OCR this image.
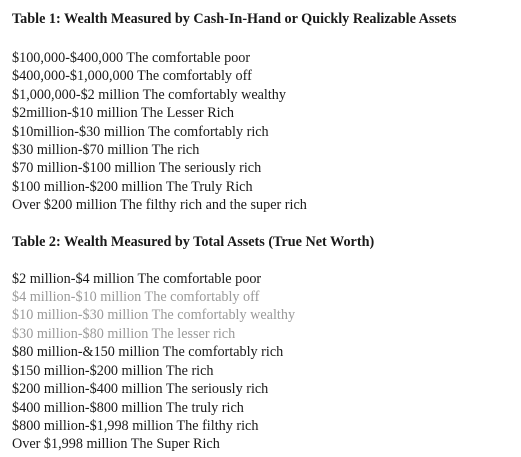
Table 1: Wealth Measured by Cash-In-Hand or Quickly Realizable Assets
$100,000-$400,000 The comfortable poor
$400,000-$1,000,000 The comfortably off
$1,000,000-$2 million The comfortably wealthy
$2million-$10 million The Lesser Rich
$10million-$30 million The comfortably rich
$30 million-$70 million The rich
$70 million-$100 million The seriously rich
$100 million-$200 million The Truly Rich
Over $200 million The filthy rich and the super rich
Table 2: Wealth Measured by Total Assets (True Net Worth)
$2 million-$4 million The comfortable poor
$4 million-$10 million The comfortably off
$10 million-$30 million The comfortably wealthy
$30 million-$80 million The lesser rich
$80 million-&150 million The comfortably rich
$150 million-$200 million The rich
$200 million-$400 million The seriously rich
$400 million-$800 million The truly rich
$800 million-$1,998 million The filthy rich
Over $1,998 million The Super Rich
